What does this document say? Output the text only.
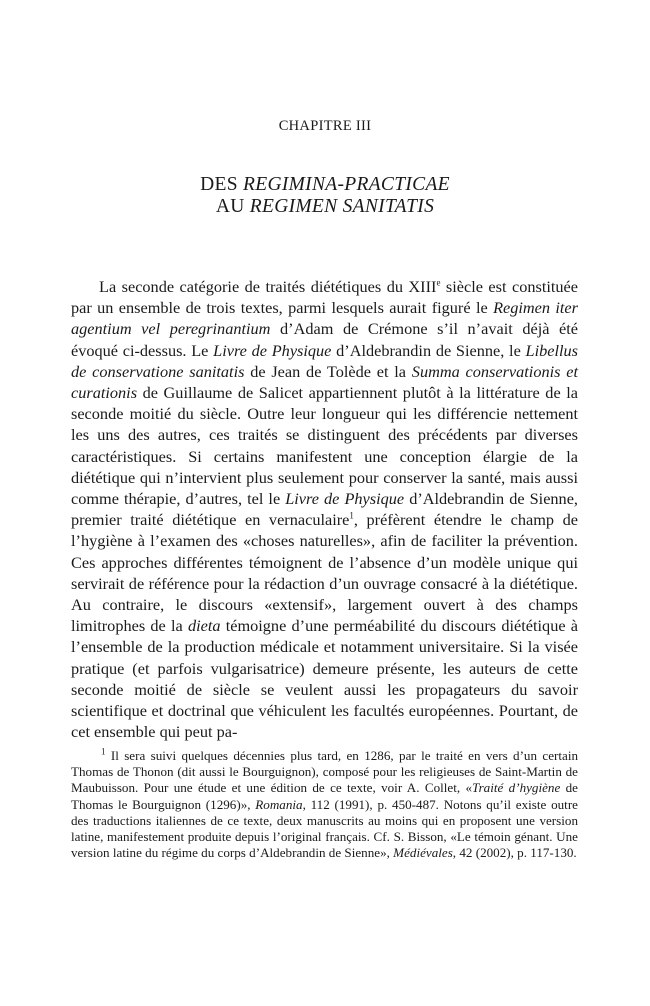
CHAPITRE III
DES REGIMINA-PRACTICAE
AU REGIMEN SANITATIS

La seconde catégorie de traités diététiques du XIIIe siècle est constituée par un ensemble de trois textes, parmi lesquels aurait figuré le Regimen iter agentium vel peregrinantium d’Adam de Crémone s’il n’avait déjà été évoqué ci-dessus. Le Livre de Physique d’Aldebrandin de Sienne, le Libellus de conservatione sanitatis de Jean de Tolède et la Summa conservationis et curationis de Guillaume de Salicet appartiennent plutôt à la littérature de la seconde moitié du siècle. Outre leur longueur qui les différencie nettement les uns des autres, ces traités se distinguent des précédents par diverses caractéristiques. Si certains manifestent une conception élargie de la diététique qui n’intervient plus seulement pour conserver la santé, mais aussi comme thérapie, d’autres, tel le Livre de Physique d’Aldebrandin de Sienne, premier traité diététique en vernaculaire$^1$, préfèrent étendre le champ de l’hygiène à l’examen des «choses naturelles», afin de faciliter la prévention. Ces approches différentes témoignent de l’absence d’un modèle unique qui servirait de référence pour la rédaction d’un ouvrage consacré à la diététique. Au contraire, le discours «extensif», largement ouvert à des champs limitrophes de la dieta témoigne d’une perméabilité du discours diététique à l’ensemble de la production médicale et notamment universitaire. Si la visée pratique (et parfois vulgarisatrice) demeure présente, les auteurs de cette seconde moitié de siècle se veulent aussi les propagateurs du savoir scientifique et doctrinal que véhiculent les facultés européennes. Pourtant, de cet ensemble qui peut pa-

$^1$ Il sera suivi quelques décennies plus tard, en 1286, par le traité en vers d’un certain Thomas de Thonon (dit aussi le Bourguignon), composé pour les religieuses de Saint-Martin de Maubuisson. Pour une étude et une édition de ce texte, voir A. Collet, «Traité d’hygiène de Thomas le Bourguignon (1296)», Romania, 112 (1991), p. 450-487. Notons qu’il existe outre des traductions italiennes de ce texte, deux manuscrits au moins qui en proposent une version latine, manifestement produite depuis l’original français. Cf. S. Bisson, «Le témoin génant. Une version latine du régime du corps d’Aldebrandin de Sienne», Médiévales, 42 (2002), p. 117-130.
